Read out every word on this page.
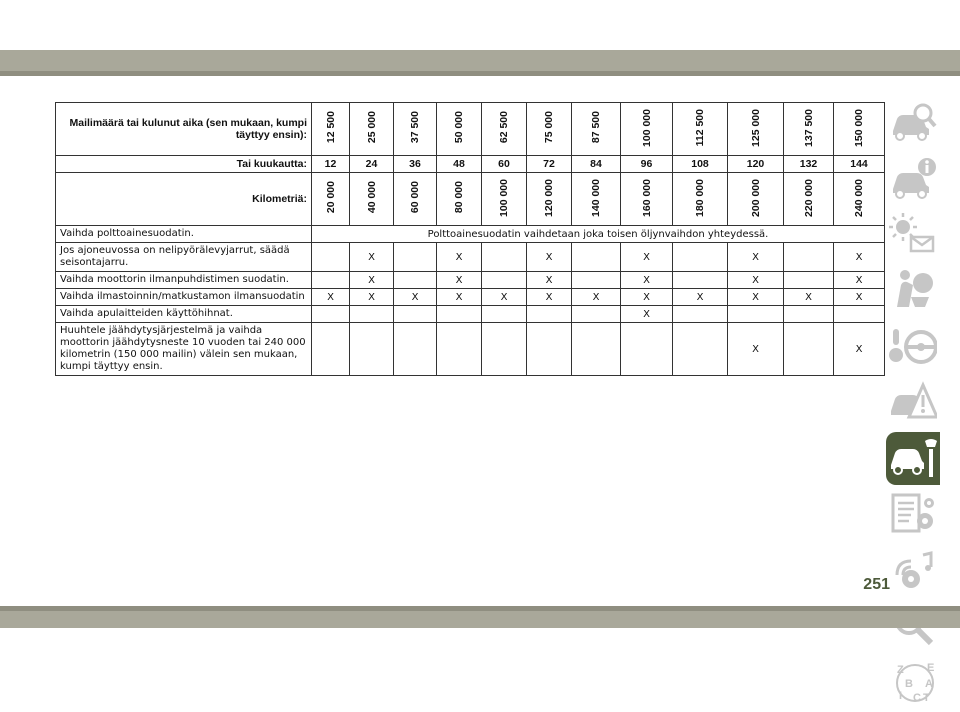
Mailimäärä tai kulunut aika (sen mukaan, kumpi täyttyy ensin):	12 500	25 000	37 500	50 000	62 500	75 000	87 500	100 000	112 500	125 000	137 500	150 000
Tai kuukautta:	12	24	36	48	60	72	84	96	108	120	132	144
Kilometriä:	20 000	40 000	60 000	80 000	100 000	120 000	140 000	160 000	180 000	200 000	220 000	240 000
Vaihda polttoainesuodatin.	Polttoainesuodatin vaihdetaan joka toisen öljynvaihdon yhteydessä.											
Jos ajoneuvossa on nelipyörälevyjarrut, säädä seisontajarru.		X		X		X		X		X		X
Vaihda moottorin ilmanpuhdistimen suodatin.		X		X		X		X		X		X
Vaihda ilmastoinnin/matkustamon ilmansuodatin	X	X	X	X	X	X	X	X	X	X	X	X
Vaihda apulaitteiden käyttöhihnat.								X				
Huuhtele jäähdytysjärjestelmä ja vaihda moottorin jäähdytysneste 10 vuoden tai 240 000 kilometrin (150 000 mailin) välein sen mukaan, kumpi täyttyy ensin.										X		X
Z E
B A
C T
I
251
